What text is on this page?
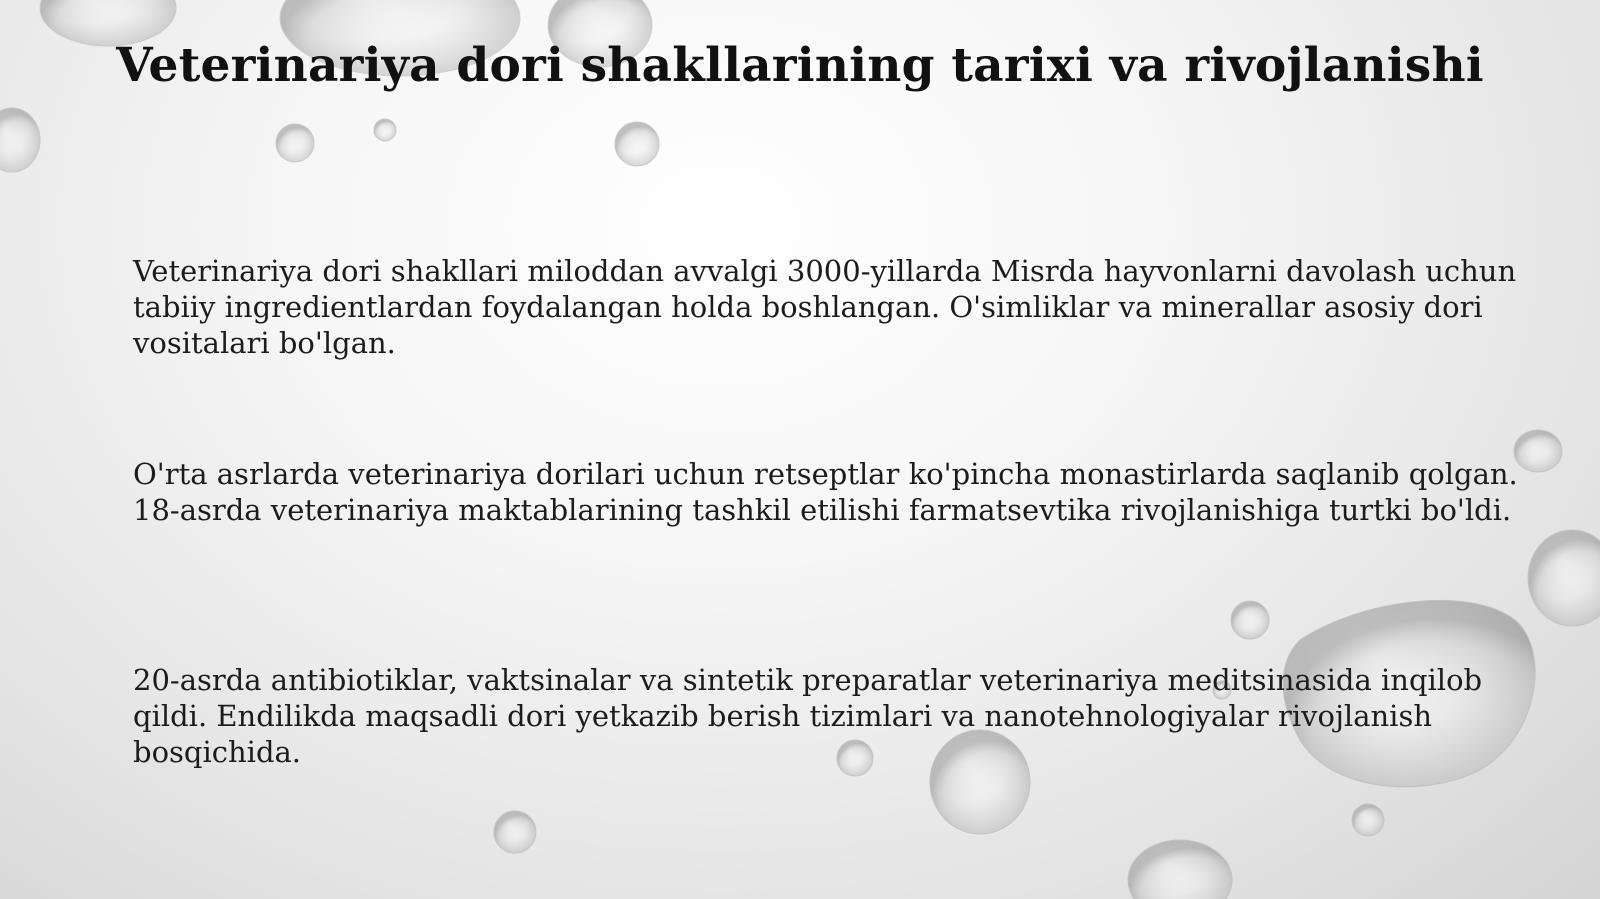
Veterinariya dori shakllarining tarixi va rivojlanishi
Veterinariya dori shakllari miloddan avvalgi 3000-yillarda Misrda hayvonlarni davolash uchun tabiiy ingredientlardan foydalangan holda boshlangan. O'simliklar va minerallar asosiy dori vositalari bo'lgan.
O'rta asrlarda veterinariya dorilari uchun retseptlar ko'pincha monastirlarda saqlanib qolgan. 18-asrda veterinariya maktablarining tashkil etilishi farmatsevtika rivojlanishiga turtki bo'ldi.
20-asrda antibiotiklar, vaktsinalar va sintetik preparatlar veterinariya meditsinasida inqilob qildi. Endilikda maqsadli dori yetkazib berish tizimlari va nanotehnologiyalar rivojlanish bosqichida.
